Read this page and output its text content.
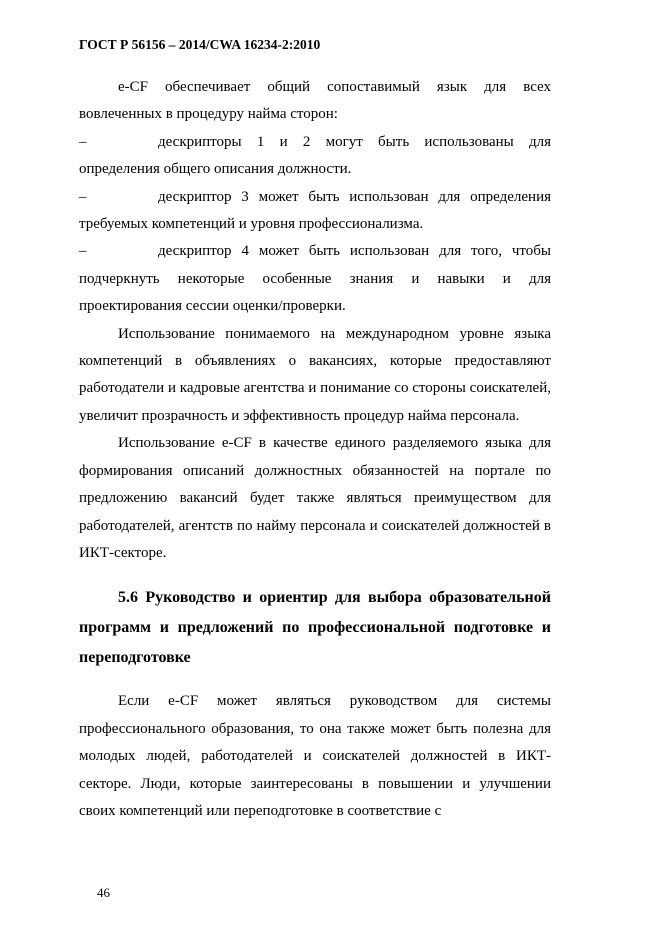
ГОСТ Р 56156 – 2014/CWA 16234-2:2010

e-CF обеспечивает общий сопоставимый язык для всех вовлеченных в процедуру найма сторон:

–	дескрипторы 1 и 2 могут быть использованы для определения общего описания должности.

–	дескриптор 3 может быть использован для определения требуемых компетенций и уровня профессионализма.

–	дескриптор 4 может быть использован для того, чтобы подчеркнуть некоторые особенные знания и навыки и для проектирования сессии оценки/проверки.

Использование понимаемого на международном уровне языка компетенций в объявлениях о вакансиях, которые предоставляют работодатели и кадровые агентства и понимание со стороны соискателей, увеличит прозрачность и эффективность процедур найма персонала.

Использование e-CF в качестве единого разделяемого языка для формирования описаний должностных обязанностей на портале по предложению вакансий будет также являться преимуществом для работодателей, агентств по найму персонала и соискателей должностей в ИКТ-секторе.

5.6 Руководство и ориентир для выбора образовательной программ и предложений по профессиональной подготовке и переподготовке

Если e-CF может являться руководством для системы профессионального образования, то она также может быть полезна для молодых людей, работодателей и соискателей должностей в ИКТ-секторе. Люди, которые заинтересованы в повышении и улучшении своих компетенций или переподготовке в соответствие с

46
